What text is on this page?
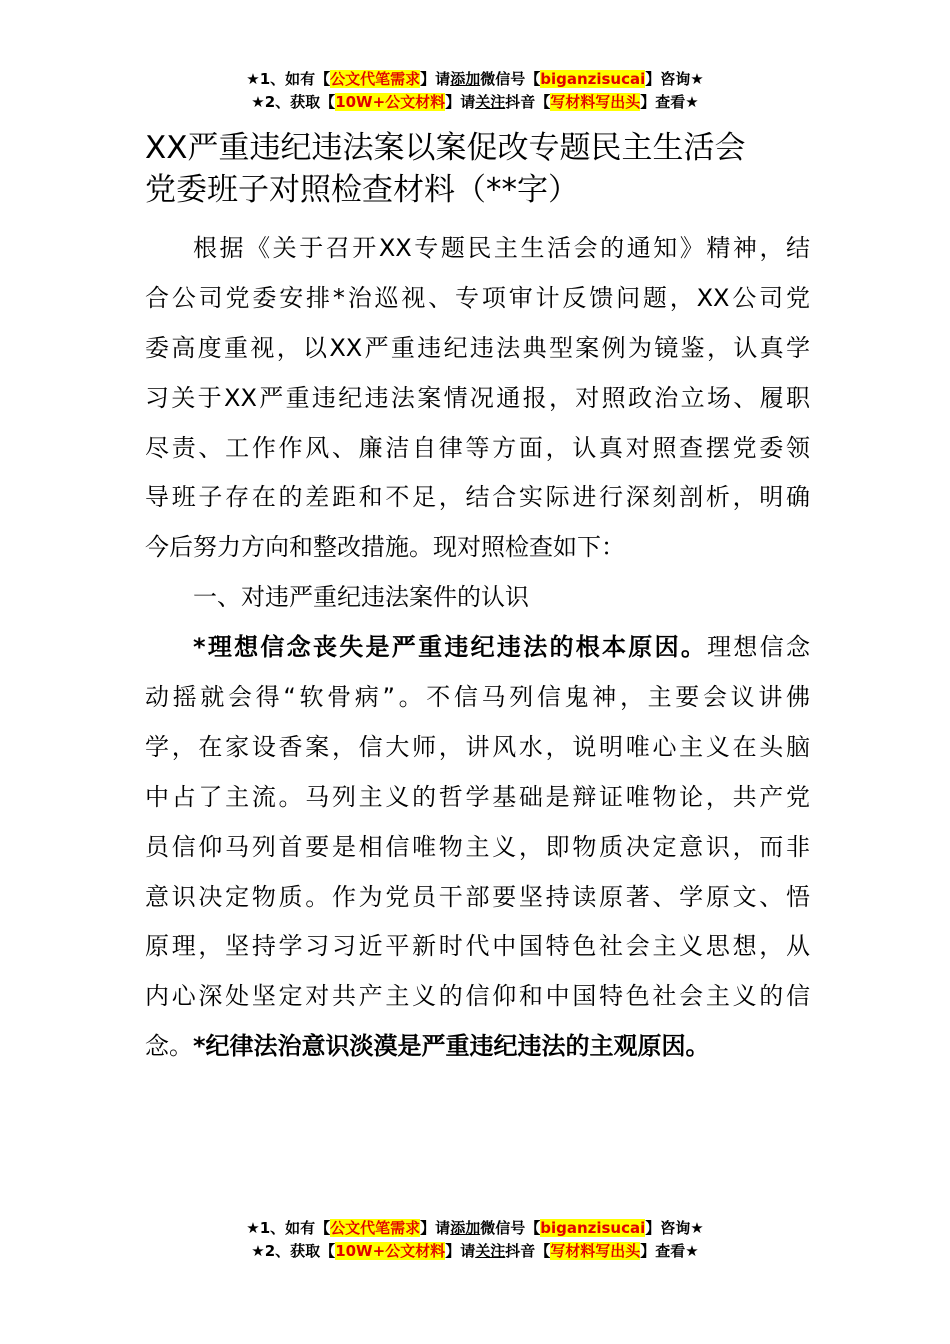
★1、如有【公文代笔需求】请添加微信号【biganzisucai】咨询★
★2、获取【10W+公文材料】请关注抖音【写材料写出头】查看★
XX严重违纪违法案以案促改专题民主生活会
党委班子对照检查材料（**字）
根据《关于召开XX专题民主生活会的通知》精神，结
合公司党委安排*治巡视、专项审计反馈问题，XX公司党
委高度重视，以XX严重违纪违法典型案例为镜鉴，认真学
习关于XX严重违纪违法案情况通报，对照政治立场、履职
尽责、工作作风、廉洁自律等方面，认真对照查摆党委领
导班子存在的差距和不足，结合实际进行深刻剖析，明确
今后努力方向和整改措施。现对照检查如下：
一、对违严重纪违法案件的认识
*理想信念丧失是严重违纪违法的根本原因。理想信念
动摇就会得“软骨病”。不信马列信鬼神，主要会议讲佛
学，在家设香案，信大师，讲风水，说明唯心主义在头脑
中占了主流。马列主义的哲学基础是辩证唯物论，共产党
员信仰马列首要是相信唯物主义，即物质决定意识，而非
意识决定物质。作为党员干部要坚持读原著、学原文、悟
原理，坚持学习习近平新时代中国特色社会主义思想，从
内心深处坚定对共产主义的信仰和中国特色社会主义的信
念。*纪律法治意识淡漠是严重违纪违法的主观原因。
★1、如有【公文代笔需求】请添加微信号【biganzisucai】咨询★
★2、获取【10W+公文材料】请关注抖音【写材料写出头】查看★
